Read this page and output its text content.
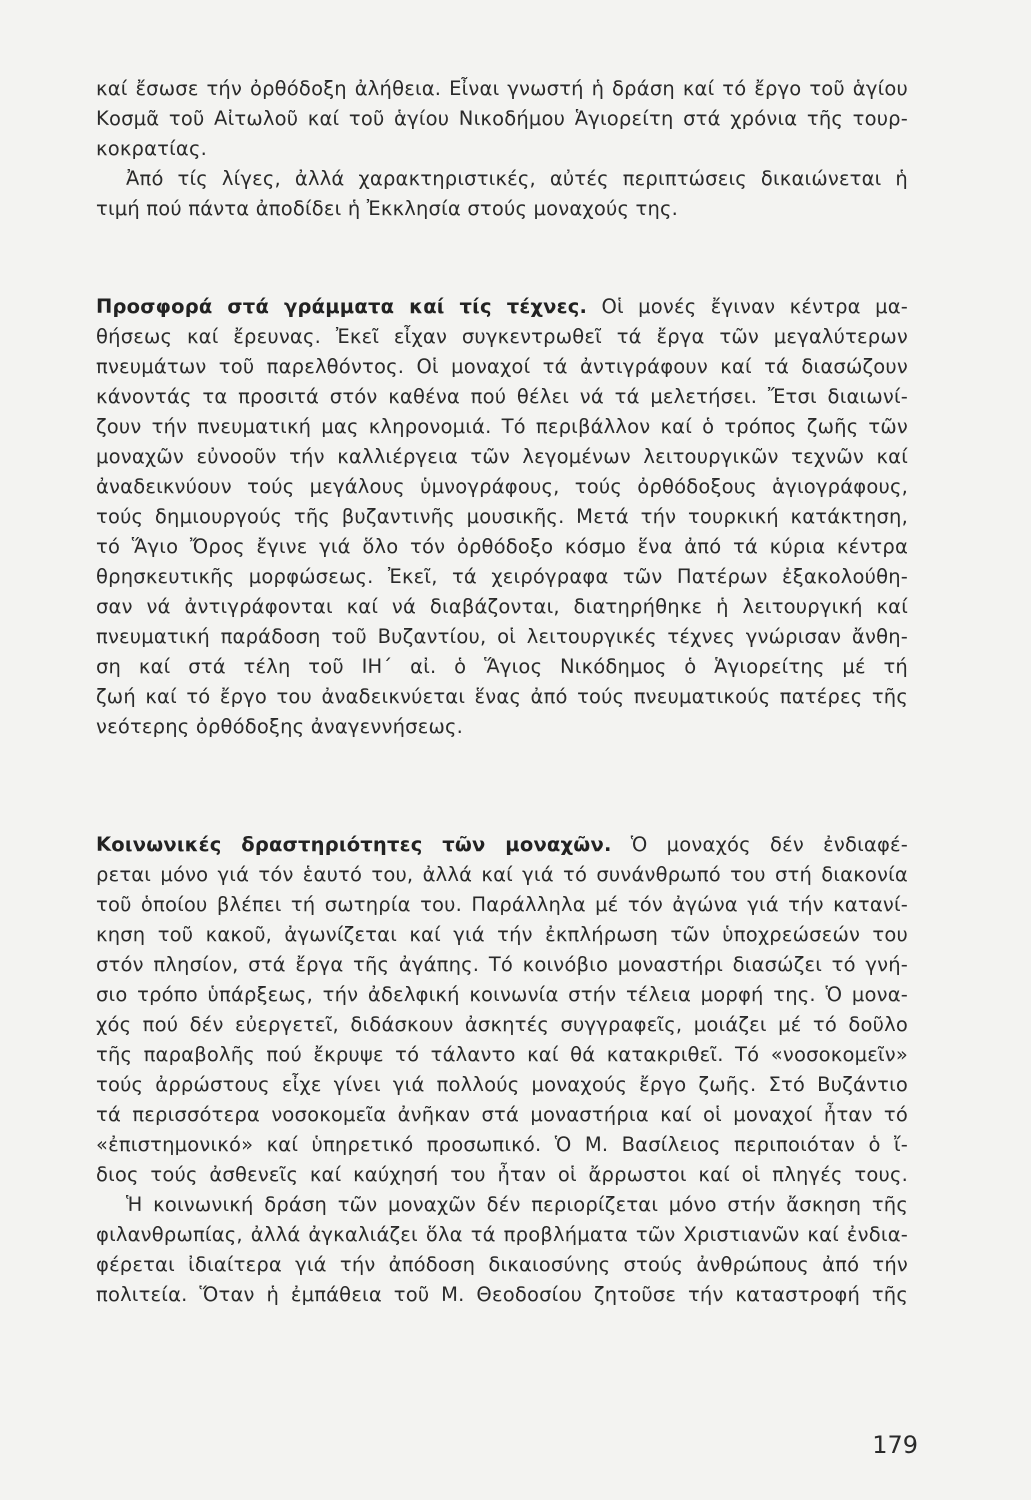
καί ἔσωσε τήν ὀρθόδοξη ἀλήθεια. Εἶναι γνωστή ἡ δράση καί τό ἔργο τοῦ ἁγίου
Κοσμᾶ τοῦ Αἰτωλοῦ καί τοῦ ἁγίου Νικοδήμου Ἁγιορείτη στά χρόνια τῆς τουρ-
κοκρατίας.
Ἀπό τίς λίγες, ἀλλά χαρακτηριστικές, αὐτές περιπτώσεις δικαιώνεται ἡ
τιμή πού πάντα ἀποδίδει ἡ Ἐκκλησία στούς μοναχούς της.
Προσφορά στά γράμματα καί τίς τέχνες. Οἱ μονές ἔγιναν κέντρα μα-
θήσεως καί ἔρευνας. Ἐκεῖ εἶχαν συγκεντρωθεῖ τά ἔργα τῶν μεγαλύτερων
πνευμάτων τοῦ παρελθόντος. Οἱ μοναχοί τά ἀντιγράφουν καί τά διασώζουν
κάνοντάς τα προσιτά στόν καθένα πού θέλει νά τά μελετήσει. Ἔτσι διαιωνί-
ζουν τήν πνευματική μας κληρονομιά. Τό περιβάλλον καί ὁ τρόπος ζωῆς τῶν
μοναχῶν εὐνοοῦν τήν καλλιέργεια τῶν λεγομένων λειτουργικῶν τεχνῶν καί
ἀναδεικνύουν τούς μεγάλους ὑμνογράφους, τούς ὀρθόδοξους ἁγιογράφους,
τούς δημιουργούς τῆς βυζαντινῆς μουσικῆς. Μετά τήν τουρκική κατάκτηση,
τό Ἅγιο Ὄρος ἔγινε γιά ὅλο τόν ὀρθόδοξο κόσμο ἕνα ἀπό τά κύρια κέντρα
θρησκευτικῆς μορφώσεως. Ἐκεῖ, τά χειρόγραφα τῶν Πατέρων ἐξακολούθη-
σαν νά ἀντιγράφονται καί νά διαβάζονται, διατηρήθηκε ἡ λειτουργική καί
πνευματική παράδοση τοῦ Βυζαντίου, οἱ λειτουργικές τέχνες γνώρισαν ἄνθη-
ση καί στά τέλη τοῦ ΙΗ΄ αἰ. ὁ Ἅγιος Νικόδημος ὁ Ἁγιορείτης μέ τή
ζωή καί τό ἔργο του ἀναδεικνύεται ἕνας ἀπό τούς πνευματικούς πατέρες τῆς
νεότερης ὀρθόδοξης ἀναγεννήσεως.
Κοινωνικές δραστηριότητες τῶν μοναχῶν. Ὁ μοναχός δέν ἐνδιαφέ-
ρεται μόνο γιά τόν ἑαυτό του, ἀλλά καί γιά τό συνάνθρωπό του στή διακονία
τοῦ ὁποίου βλέπει τή σωτηρία του. Παράλληλα μέ τόν ἀγώνα γιά τήν κατανί-
κηση τοῦ κακοῦ, ἀγωνίζεται καί γιά τήν ἐκπλήρωση τῶν ὑποχρεώσεών του
στόν πλησίον, στά ἔργα τῆς ἀγάπης. Τό κοινόβιο μοναστήρι διασώζει τό γνή-
σιο τρόπο ὑπάρξεως, τήν ἀδελφική κοινωνία στήν τέλεια μορφή της. Ὁ μονα-
χός πού δέν εὐεργετεῖ, διδάσκουν ἀσκητές συγγραφεῖς, μοιάζει μέ τό δοῦλο
τῆς παραβολῆς πού ἔκρυψε τό τάλαντο καί θά κατακριθεῖ. Τό «νοσοκομεῖν»
τούς ἀρρώστους εἶχε γίνει γιά πολλούς μοναχούς ἔργο ζωῆς. Στό Βυζάντιο
τά περισσότερα νοσοκομεῖα ἀνῆκαν στά μοναστήρια καί οἱ μοναχοί ἦταν τό
«ἐπιστημονικό» καί ὑπηρετικό προσωπικό. Ὁ Μ. Βασίλειος περιποιόταν ὁ ἴ-
διος τούς ἀσθενεῖς καί καύχησή του ἦταν οἱ ἄρρωστοι καί οἱ πληγές τους.
Ἡ κοινωνική δράση τῶν μοναχῶν δέν περιορίζεται μόνο στήν ἄσκηση τῆς
φιλανθρωπίας, ἀλλά ἀγκαλιάζει ὅλα τά προβλήματα τῶν Χριστιανῶν καί ἐνδια-
φέρεται ἰδιαίτερα γιά τήν ἀπόδοση δικαιοσύνης στούς ἀνθρώπους ἀπό τήν
πολιτεία. Ὅταν ἡ ἐμπάθεια τοῦ Μ. Θεοδοσίου ζητοῦσε τήν καταστροφή τῆς
179
